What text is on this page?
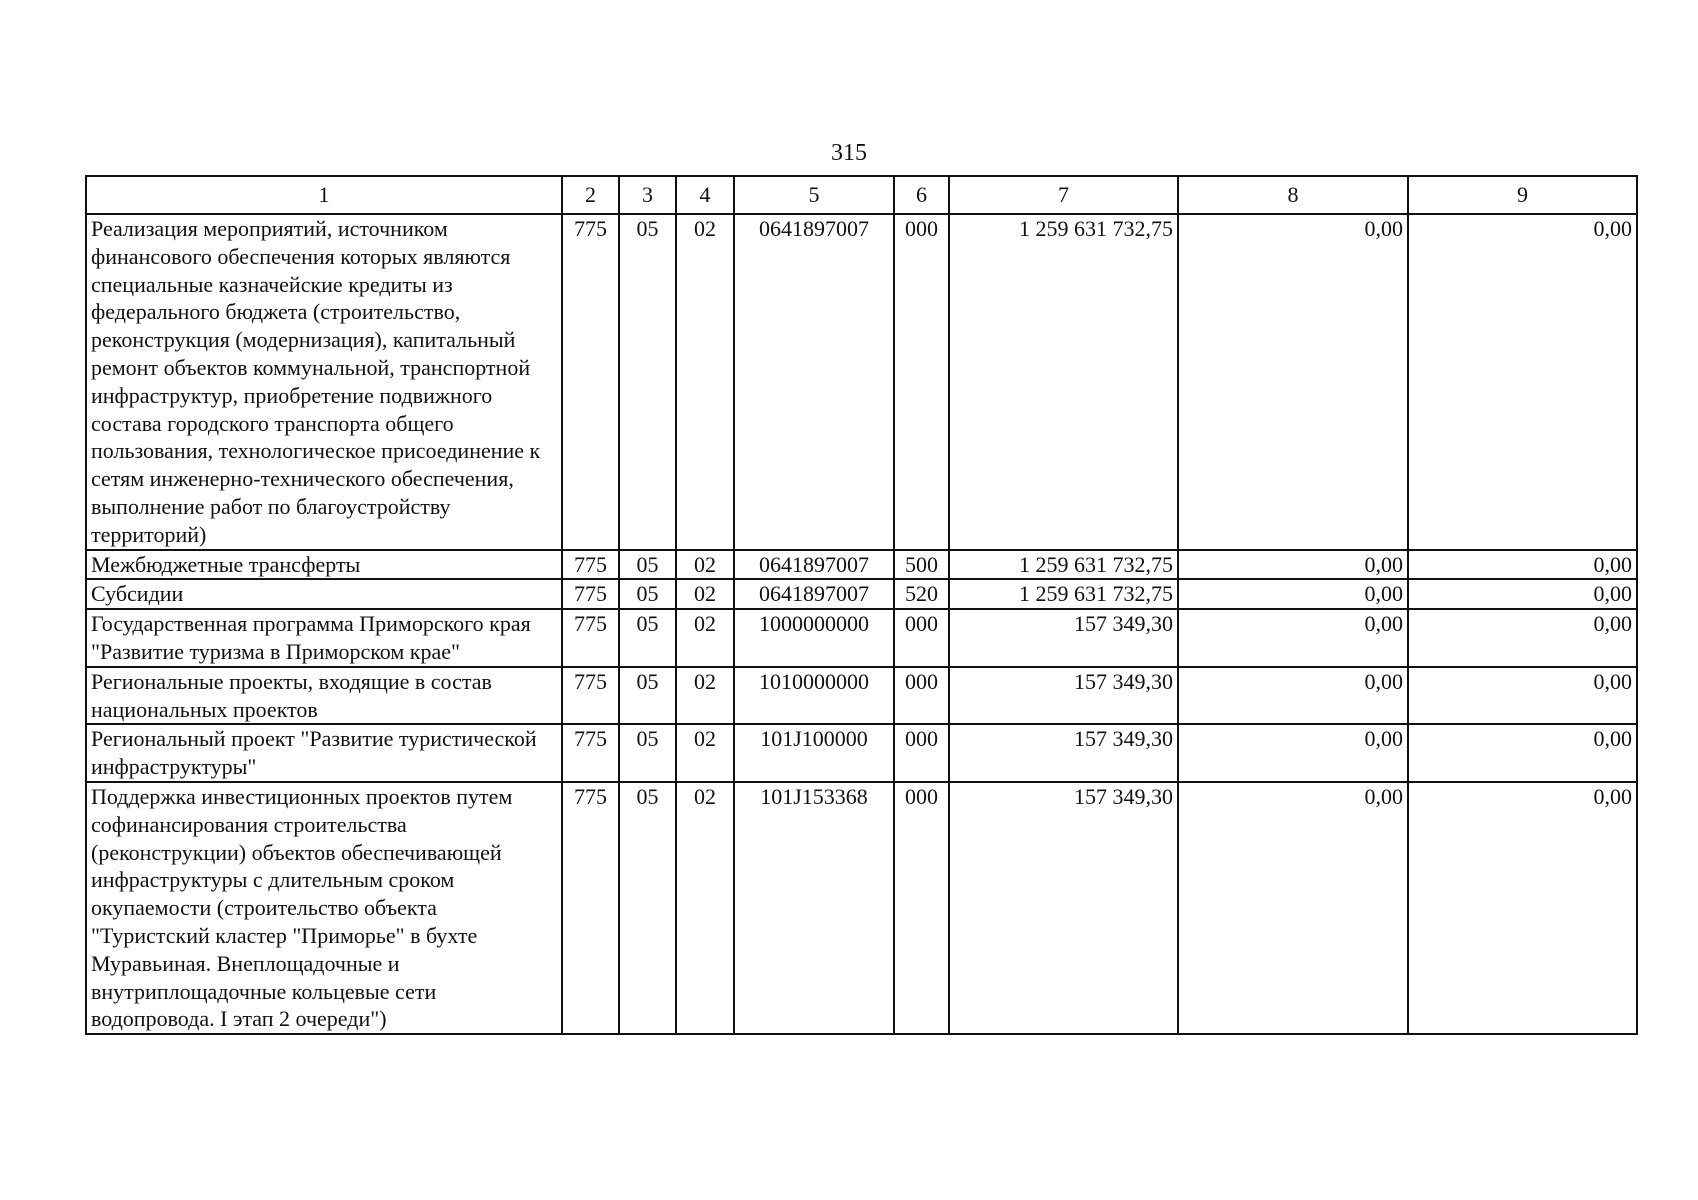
315
1	2	3	4	5	6	7	8	9
Реализация мероприятий, источником финансового обеспечения которых являются специальные казначейские кредиты из федерального бюджета (строительство, реконструкция (модернизация), капитальный ремонт объектов коммунальной, транспортной инфраструктур, приобретение подвижного состава городского транспорта общего пользования, технологическое присоединение к сетям инженерно-технического обеспечения, выполнение работ по благоустройству территорий)	775	05	02	0641897007	000	1 259 631 732,75	0,00	0,00
Межбюджетные трансферты	775	05	02	0641897007	500	1 259 631 732,75	0,00	0,00
Субсидии	775	05	02	0641897007	520	1 259 631 732,75	0,00	0,00
Государственная программа Приморского края "Развитие туризма в Приморском крае"	775	05	02	1000000000	000	157 349,30	0,00	0,00
Региональные проекты, входящие в состав национальных проектов	775	05	02	1010000000	000	157 349,30	0,00	0,00
Региональный проект "Развитие туристической инфраструктуры"	775	05	02	101J100000	000	157 349,30	0,00	0,00
Поддержка инвестиционных проектов путем софинансирования строительства (реконструкции) объектов обеспечивающей инфраструктуры с длительным сроком окупаемости (строительство объекта "Туристский кластер "Приморье" в бухте Муравьиная. Внеплощадочные и внутриплощадочные кольцевые сети водопровода. I этап 2 очереди")	775	05	02	101J153368	000	157 349,30	0,00	0,00
